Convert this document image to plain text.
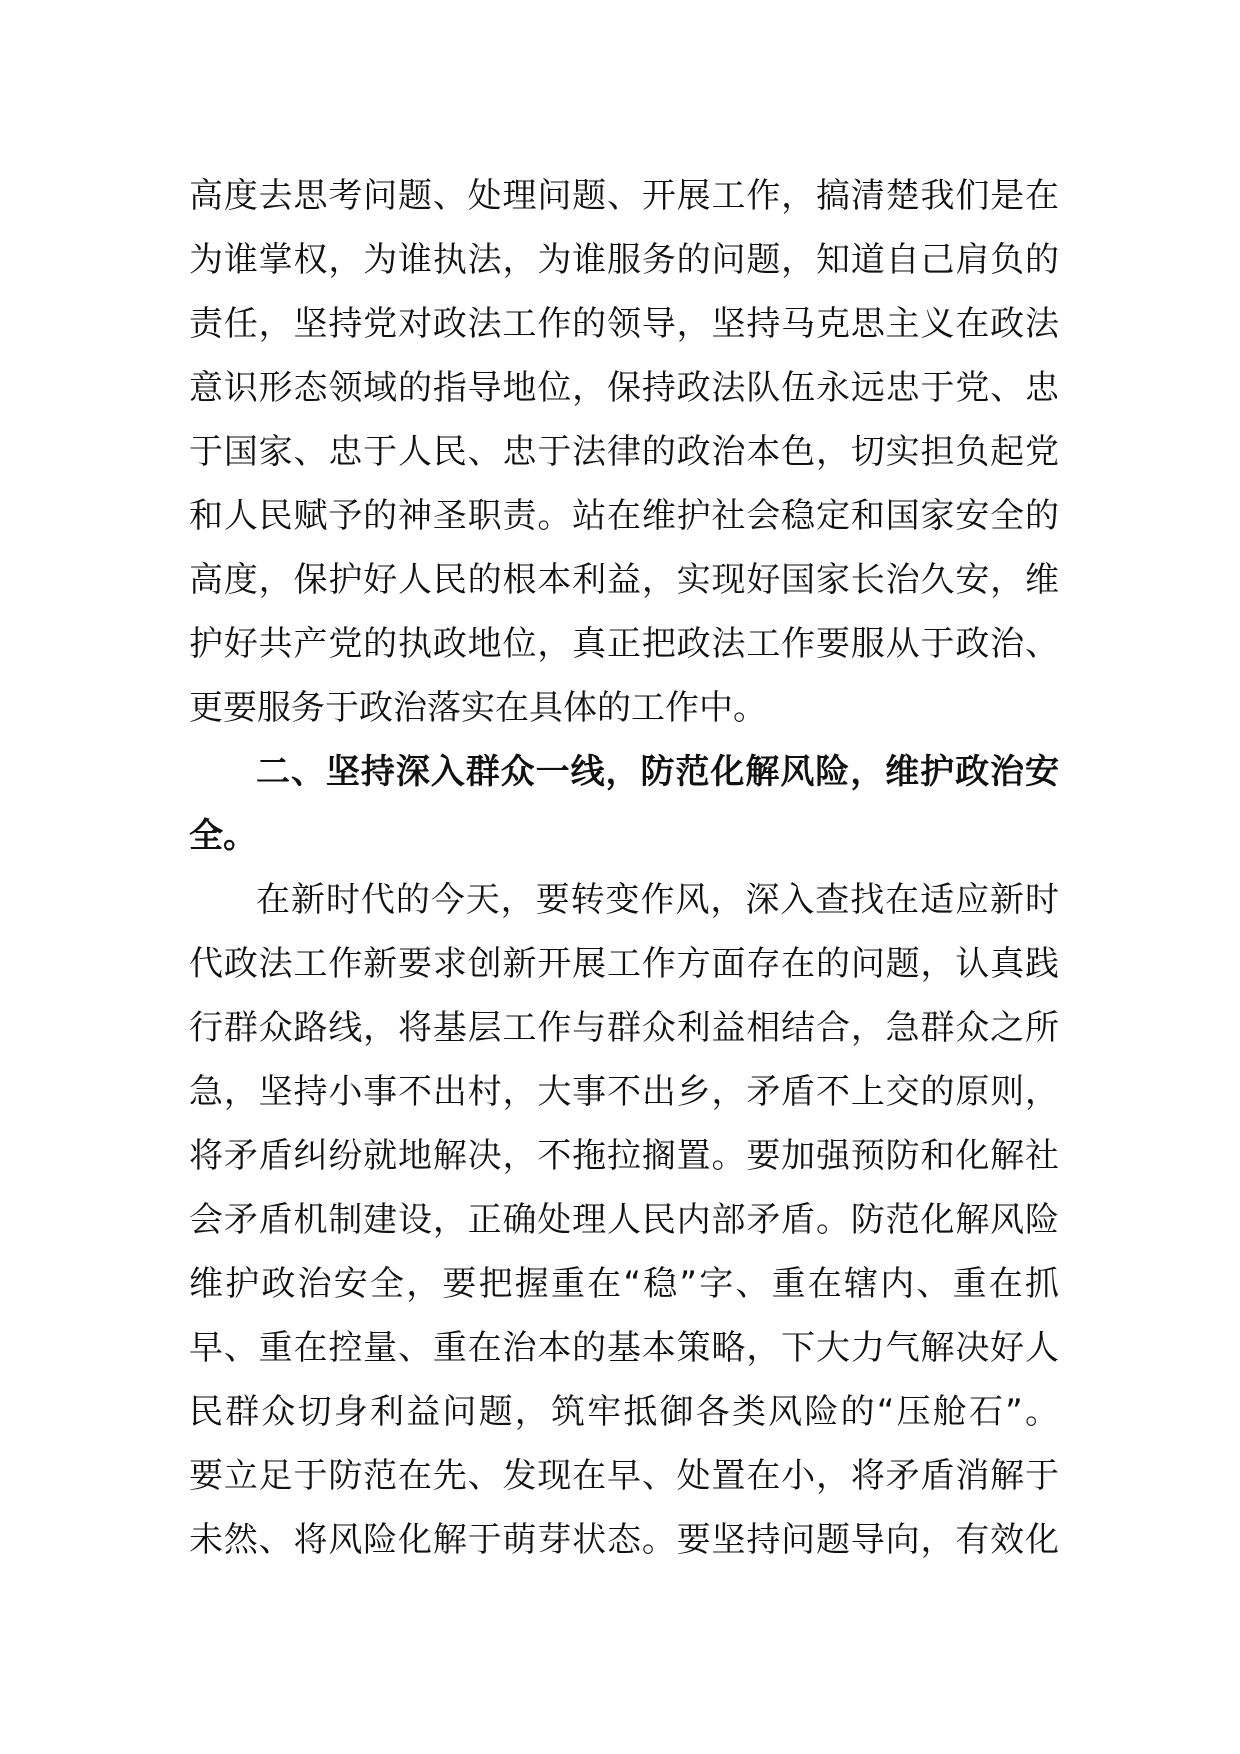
高度去思考问题、处理问题、开展工作，搞清楚我们是在
为谁掌权，为谁执法，为谁服务的问题，知道自己肩负的
责任，坚持党对政法工作的领导，坚持马克思主义在政法
意识形态领域的指导地位，保持政法队伍永远忠于党、忠
于国家、忠于人民、忠于法律的政治本色，切实担负起党
和人民赋予的神圣职责。站在维护社会稳定和国家安全的
高度，保护好人民的根本利益，实现好国家长治久安，维
护好共产党的执政地位，真正把政法工作要服从于政治、
更要服务于政治落实在具体的工作中。
二、坚持深入群众一线，防范化解风险，维护政治安
全。
在新时代的今天，要转变作风，深入查找在适应新时
代政法工作新要求创新开展工作方面存在的问题，认真践
行群众路线，将基层工作与群众利益相结合，急群众之所
急，坚持小事不出村，大事不出乡，矛盾不上交的原则，
将矛盾纠纷就地解决，不拖拉搁置。要加强预防和化解社
会矛盾机制建设，正确处理人民内部矛盾。防范化解风险
维护政治安全，要把握重在“稳”字、重在辖内、重在抓
早、重在控量、重在治本的基本策略，下大力气解决好人
民群众切身利益问题，筑牢抵御各类风险的“压舱石”。
要立足于防范在先、发现在早、处置在小，将矛盾消解于
未然、将风险化解于萌芽状态。要坚持问题导向，有效化
